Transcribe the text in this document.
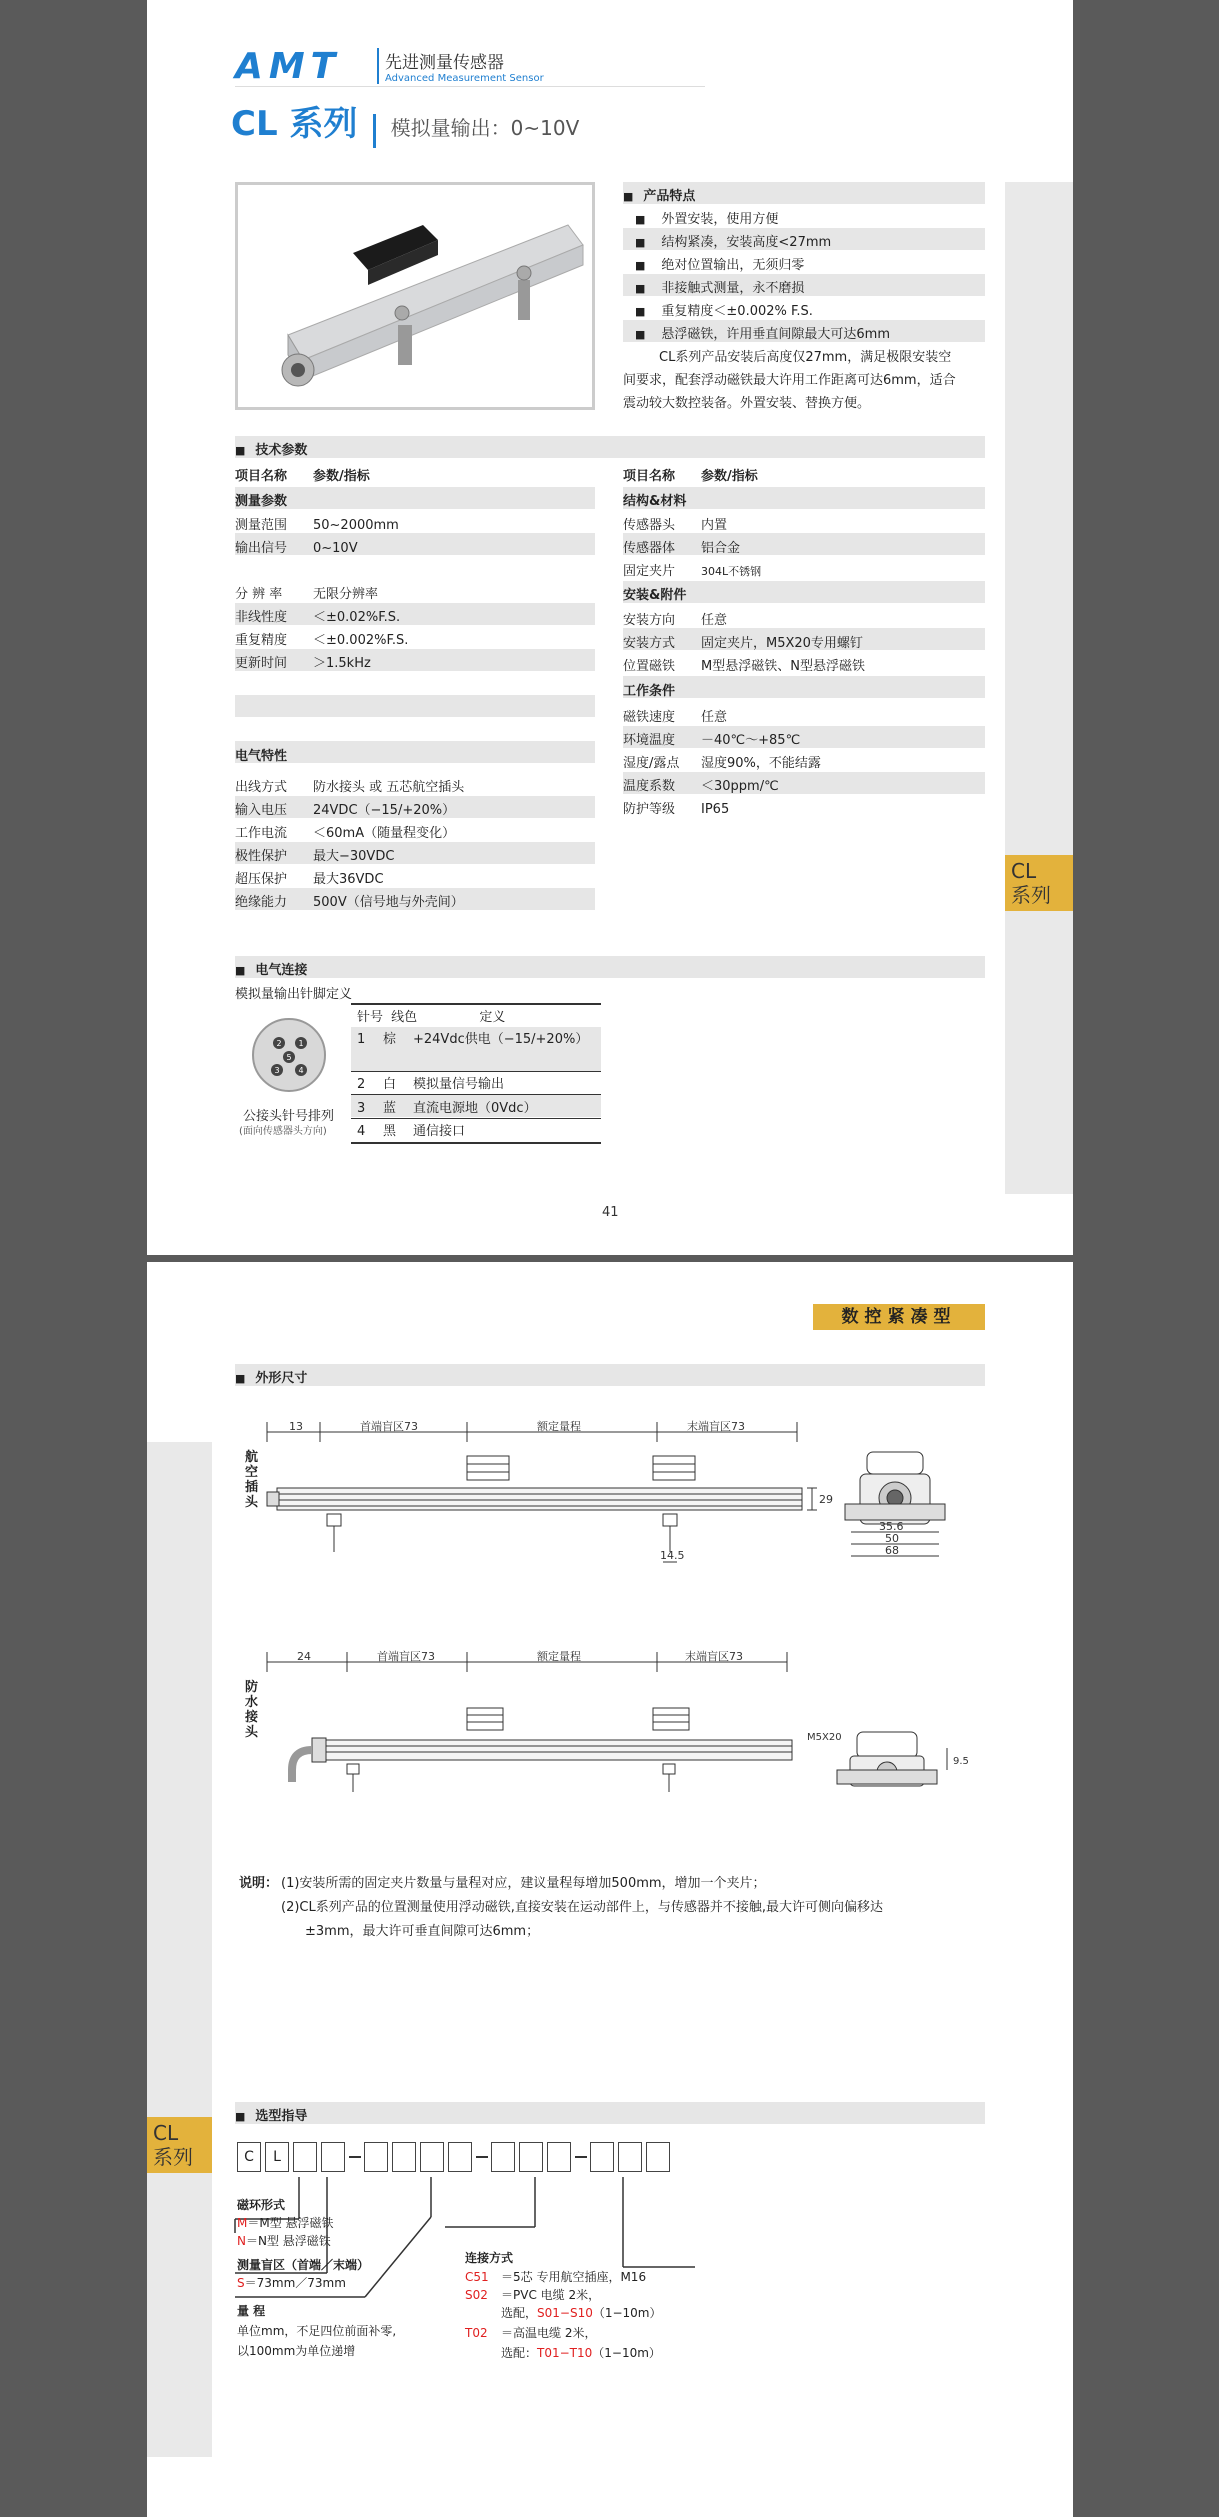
CL
系列
AMT	先进测量传感器
Advanced Measurement Sensor
CL 系列 模拟量输出：0~10V
■ 产品特点
■ 外置安装，使用方便
■ 结构紧凑，安装高度<27mm
■ 绝对位置输出，无须归零
■ 非接触式测量，永不磨损
■ 重复精度＜±0.002% F.S.
■ 悬浮磁铁，许用垂直间隙最大可达6mm
CL系列产品安装后高度仅27mm，满足极限安装空
间要求，配套浮动磁铁最大许用工作距离可达6mm，适合
震动较大数控装备。外置安装、替换方便。
■ 技术参数
项目名称 参数/指标
测量参数
测量范围 50~2000mm
输出信号 0~10V
分 辨 率 无限分辨率
非线性度 ＜±0.02%F.S.
重复精度 ＜±0.002%F.S.
更新时间 ＞1.5kHz
电气特性
出线方式 防水接头 或 五芯航空插头
输入电压 24VDC（−15/+20%）
工作电流 ＜60mA（随量程变化）
极性保护 最大−30VDC
超压保护 最大36VDC
绝缘能力 500V（信号地与外壳间）
项目名称 参数/指标
结构&材料
传感器头 内置
传感器体 铝合金
固定夹片 304L不锈钢
安装&附件
安装方向 任意
安装方式 固定夹片，M5X20专用螺钉
位置磁铁 M型悬浮磁铁、N型悬浮磁铁
工作条件
磁铁速度 任意
环境温度 －40℃～+85℃
湿度/露点 湿度90%，不能结露
温度系数 ＜30ppm/℃
防护等级 IP65
■ 电气连接
模拟量输出针脚定义
2 1
5
3 4
公接头针号排列
(面向传感器头方向)
针号 线色	定义
1 棕 +24Vdc供电（−15/+20%）
2 白 模拟量信号输出
3 蓝 直流电源地（0Vdc）
4 黑 通信接口
41
CL
系列
数控紧凑型
■ 外形尺寸
航空插头
13	首端盲区73	额定量程	末端盲区73
29
14.5
35.6
50
68
防水接头
24	首端盲区73	额定量程	末端盲区73
M5X20
9.5
说明： (1)安装所需的固定夹片数量与量程对应，建议量程每增加500mm，增加一个夹片；
(2)CL系列产品的位置测量使用浮动磁铁,直接安装在运动部件上，与传感器并不接触,最大许可侧向偏移达
±3mm，最大许可垂直间隙可达6mm；
■ 选型指导
C L
磁环形式
M＝M型 悬浮磁铁
N＝N型 悬浮磁铁
测量盲区（首端／末端）
S＝73mm／73mm
量 程
单位mm，不足四位前面补零,
以100mm为单位递增
连接方式
C51 ＝5芯 专用航空插座，M16
S02 ＝PVC 电缆 2米，
选配，S01−S10（1−10m）
T02 ＝高温电缆 2米，
选配：T01−T10（1−10m）
